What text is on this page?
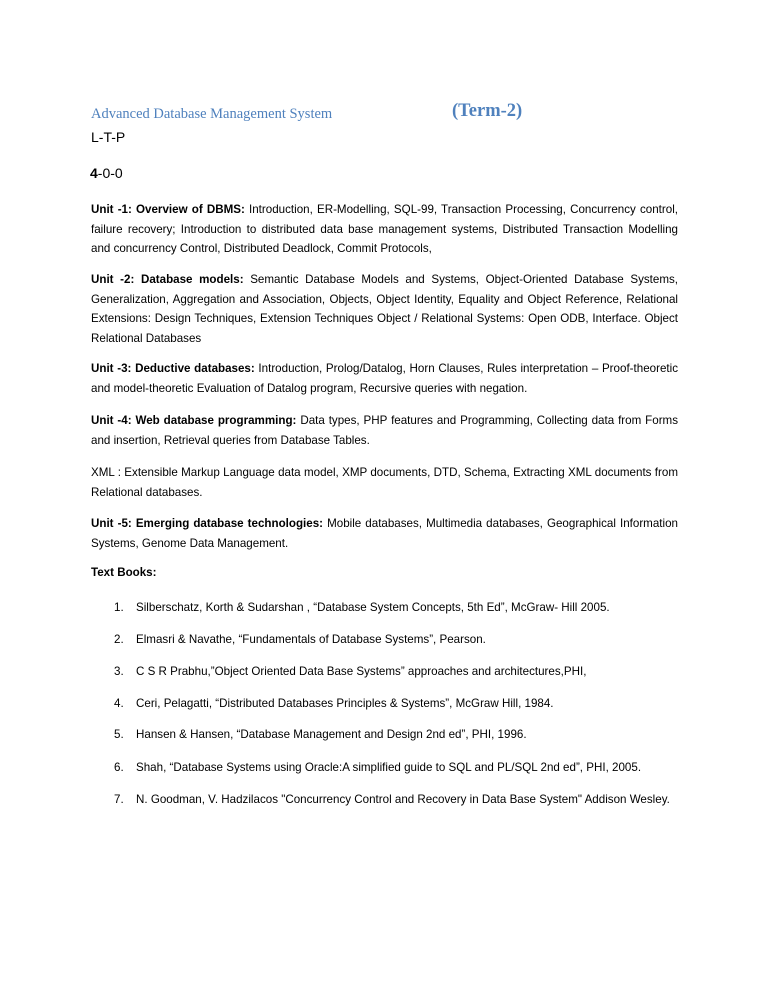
Advanced Database Management System	(Term-2)
L-T-P
4-0-0
Unit -1: Overview of DBMS: Introduction, ER-Modelling, SQL-99, Transaction Processing, Concurrency control, failure recovery; Introduction to distributed data base management systems, Distributed Transaction Modelling and concurrency Control, Distributed Deadlock, Commit Protocols,
Unit -2: Database models: Semantic Database Models and Systems, Object-Oriented Database Systems, Generalization, Aggregation and Association, Objects, Object Identity, Equality and Object Reference, Relational Extensions: Design Techniques, Extension Techniques Object / Relational Systems: Open ODB, Interface. Object Relational Databases
Unit -3: Deductive databases: Introduction, Prolog/Datalog, Horn Clauses, Rules interpretation – Proof-theoretic and model-theoretic Evaluation of Datalog program, Recursive queries with negation.
Unit -4: Web database programming: Data types, PHP features and Programming, Collecting data from Forms and insertion, Retrieval queries from Database Tables.
XML : Extensible Markup Language data model, XMP documents, DTD, Schema, Extracting XML documents from Relational databases.
Unit -5: Emerging database technologies: Mobile databases, Multimedia databases, Geographical Information Systems, Genome Data Management.
Text Books:
1.	Silberschatz, Korth & Sudarshan , “Database System Concepts, 5th Ed”, McGraw- Hill 2005.
2.	Elmasri & Navathe, “Fundamentals of Database Systems”, Pearson.
3.	C S R Prabhu,”Object Oriented Data Base Systems” approaches and architectures,PHI,
4.	Ceri, Pelagatti, “Distributed Databases Principles & Systems”, McGraw Hill, 1984.
5.	Hansen & Hansen, “Database Management and Design 2nd ed”, PHI, 1996.
6.	Shah, “Database Systems using Oracle:A simplified guide to SQL and PL/SQL 2nd ed”, PHI, 2005.
7.	N. Goodman, V. Hadzilacos "Concurrency Control and Recovery in Data Base System" Addison Wesley.
